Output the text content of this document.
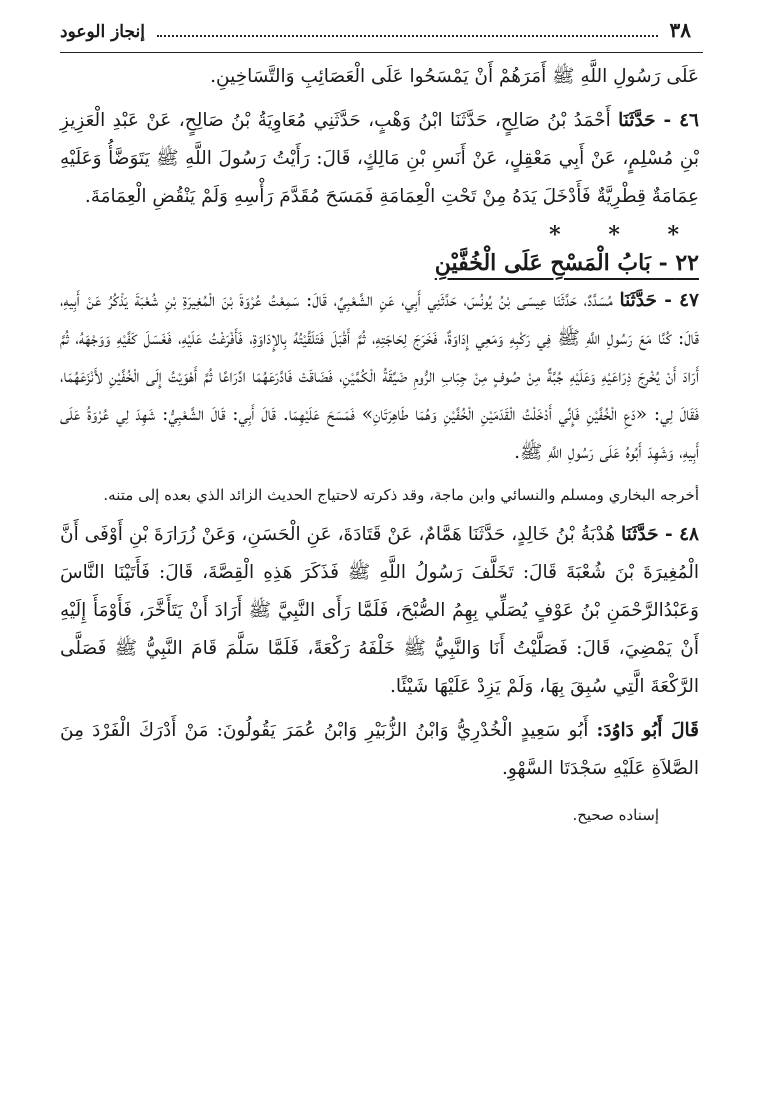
٣٨
إنجاز الوعود

عَلَى رَسُولِ اللَّهِ ﷺ أَمَرَهُمْ أَنْ يَمْسَحُوا عَلَى الْعَصَائِبِ وَالتَّسَاخِينِ.

٤٦ - حَدَّثَنَا أَحْمَدُ بْنُ صَالِحٍ، حَدَّثَنَا ابْنُ وَهْبٍ، حَدَّثَنِي مُعَاوِيَةُ بْنُ صَالِحٍ، عَنْ عَبْدِ الْعَزِيزِ بْنِ مُسْلِمٍ، عَنْ أَبِي مَعْقِلٍ، عَنْ أَنَسِ بْنِ مَالِكٍ، قَالَ: رَأَيْتُ رَسُولَ اللَّهِ ﷺ يَتَوَضَّأُ وَعَلَيْهِ عِمَامَةٌ قِطْرِيَّةٌ فَأَدْخَلَ يَدَهُ مِنْ تَحْتِ الْعِمَامَةِ فَمَسَحَ مُقَدَّمَ رَأْسِهِ وَلَمْ يَنْقُضِ الْعِمَامَةَ.

* * *
٢٢ - بَابُ الْمَسْحِ عَلَى الْخُفَّيْنِ

٤٧ - حَدَّثَنَا مُسَدَّدٌ، حَدَّثَنَا عِيسَى بْنُ يُونُسَ، حَدَّثَنِي أَبِي، عَنِ الشَّعْبِيِّ، قَالَ: سَمِعْتُ عُرْوَةَ بْنَ الْمُغِيرَةِ بْنِ شُعْبَةَ يَذْكُرُ عَنْ أَبِيهِ، قَالَ: كُنَّا مَعَ رَسُولِ اللَّهِ ﷺ فِي رَكْبِهِ وَمَعِي إِدَاوَةٌ، فَخَرَجَ لِحَاجَتِهِ، ثُمَّ أَقْبَلَ فَتَلَقَّيْتُهُ بِالإِدَاوَةِ، فَأَفْرَغْتُ عَلَيْهِ، فَغَسَلَ كَفَّيْهِ وَوَجْهَهُ، ثُمَّ أَرَادَ أَنْ يُخْرِجَ ذِرَاعَيْهِ وَعَلَيْهِ جُبَّةٌ مِنْ صُوفٍ مِنْ جِبَابِ الرُّومِ ضَيِّقَةُ الْكُمَّيْنِ، فَضَاقَتْ فَادَّرَعَهُمَا ادِّرَاعًا ثُمَّ أَهْوَيْتُ إِلَى الْخُفَّيْنِ لأَنْزَعَهُمَا، فَقَالَ لِي: «دَعِ الْخُفَّيْنِ فَإِنِّي أَدْخَلْتُ الْقَدَمَيْنِ الْخُفَّيْنِ وَهُمَا طَاهِرَتَانِ» فَمَسَحَ عَلَيْهِمَا. قَالَ أَبِي: قَالَ الشَّعْبِيُّ: شَهِدَ لِي عُرْوَةُ عَلَى أَبِيهِ، وَشَهِدَ أَبُوهُ عَلَى رَسُولِ اللَّهِ ﷺ.

أخرجه البخاري ومسلم والنسائي وابن ماجة، وقد ذكرته لاحتياج الحديث الزائد الذي بعده إلى متنه.

٤٨ - حَدَّثَنَا هُدْبَةُ بْنُ خَالِدٍ، حَدَّثَنَا هَمَّامٌ، عَنْ قَتَادَةَ، عَنِ الْحَسَنِ، وَعَنْ زُرَارَةَ بْنِ أَوْفَى أَنَّ الْمُغِيرَةَ بْنَ شُعْبَةَ قَالَ: تَخَلَّفَ رَسُولُ اللَّهِ ﷺ فَذَكَرَ هَذِهِ الْقِصَّةَ، قَالَ: فَأَتَيْنَا النَّاسَ وَعَبْدُالرَّحْمَنِ بْنُ عَوْفٍ يُصَلِّي بِهِمُ الصُّبْحَ، فَلَمَّا رَأَى النَّبِيَّ ﷺ أَرَادَ أَنْ يَتَأَخَّرَ، فَأَوْمَأَ إِلَيْهِ أَنْ يَمْضِيَ، قَالَ: فَصَلَّيْتُ أَنَا وَالنَّبِيُّ ﷺ خَلْفَهُ رَكْعَةً، فَلَمَّا سَلَّمَ قَامَ النَّبِيُّ ﷺ فَصَلَّى الرَّكْعَةَ الَّتِي سُبِقَ بِهَا، وَلَمْ يَزِدْ عَلَيْهَا شَيْئًا.

قَالَ أَبُو دَاوُدَ: أَبُو سَعِيدٍ الْخُدْرِيُّ وَابْنُ الزُّبَيْرِ وَابْنُ عُمَرَ يَقُولُونَ: مَنْ أَدْرَكَ الْفَرْدَ مِنَ الصَّلاَةِ عَلَيْهِ سَجْدَتَا السَّهْوِ.

إسناده صحيح.
